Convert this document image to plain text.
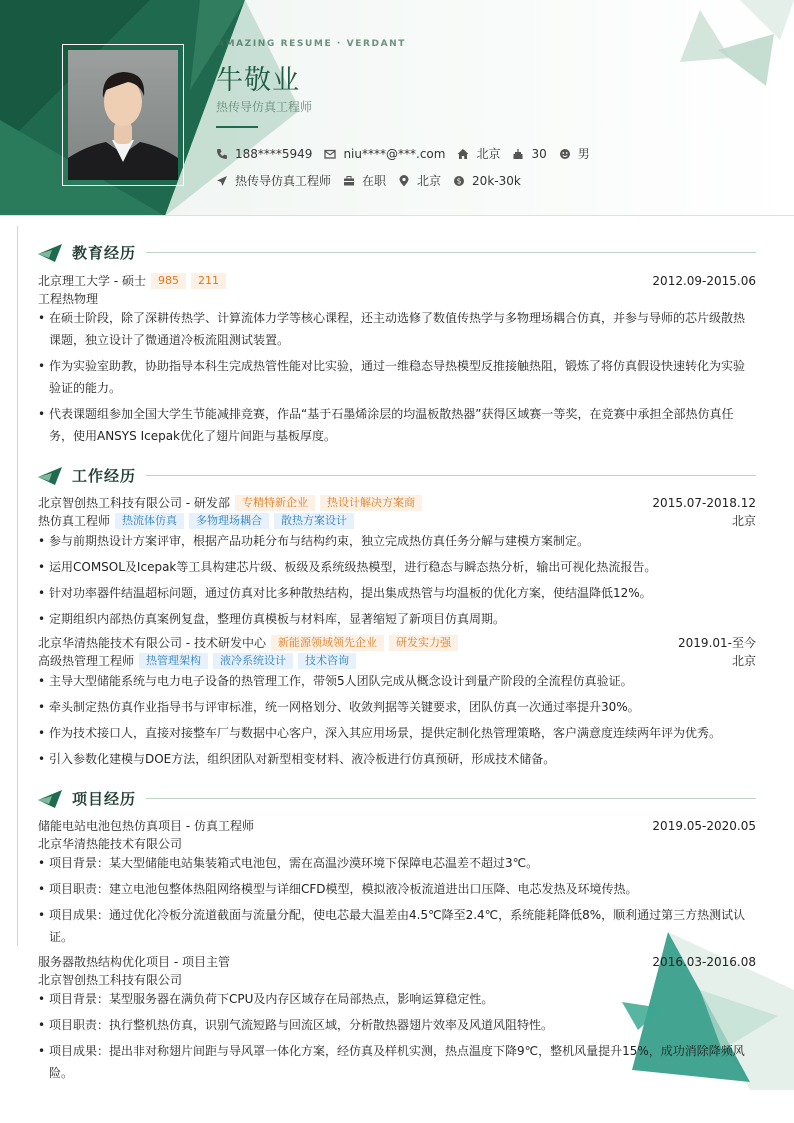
AMAZING RESUME · VERDANT
牛敬业
热传导仿真工程师
188****5949	niu****@***.com	北京	30	男
热传导仿真工程师	在职	北京 $ 20k-30k
教育经历
北京理工大学 - 硕士	985	211	2012.09-2015.06
工程热物理
• 在硕士阶段，除了深耕传热学、计算流体力学等核心课程，还主动选修了数值传热学与多物理场耦合仿真，并参与导师的芯片级散热课题，独立设计了微通道冷板流阻测试装置。
• 作为实验室助教，协助指导本科生完成热管性能对比实验，通过一维稳态导热模型反推接触热阻，锻炼了将仿真假设快速转化为实验验证的能力。
• 代表课题组参加全国大学生节能减排竞赛，作品“基于石墨烯涂层的均温板散热器”获得区域赛一等奖，在竞赛中承担全部热仿真任务，使用ANSYS Icepak优化了翅片间距与基板厚度。
工作经历
北京智创热工科技有限公司 - 研发部	专精特新企业	热设计解决方案商	2015.07-2018.12
热仿真工程师	热流体仿真	多物理场耦合	散热方案设计	北京
• 参与前期热设计方案评审，根据产品功耗分布与结构约束，独立完成热仿真任务分解与建模方案制定。
• 运用COMSOL及Icepak等工具构建芯片级、板级及系统级热模型，进行稳态与瞬态热分析，输出可视化热流报告。
• 针对功率器件结温超标问题，通过仿真对比多种散热结构，提出集成热管与均温板的优化方案，使结温降低12%。
• 定期组织内部热仿真案例复盘，整理仿真模板与材料库，显著缩短了新项目仿真周期。
北京华清热能技术有限公司 - 技术研发中心	新能源领域领先企业	研发实力强	2019.01-至今
高级热管理工程师	热管理架构	液冷系统设计	技术咨询	北京
• 主导大型储能系统与电力电子设备的热管理工作，带领5人团队完成从概念设计到量产阶段的全流程仿真验证。
• 牵头制定热仿真作业指导书与评审标准，统一网格划分、收敛判据等关键要求，团队仿真一次通过率提升30%。
• 作为技术接口人，直接对接整车厂与数据中心客户，深入其应用场景，提供定制化热管理策略，客户满意度连续两年评为优秀。
• 引入参数化建模与DOE方法，组织团队对新型相变材料、液冷板进行仿真预研，形成技术储备。
项目经历
储能电站电池包热仿真项目 - 仿真工程师	2019.05-2020.05
北京华清热能技术有限公司
• 项目背景：某大型储能电站集装箱式电池包，需在高温沙漠环境下保障电芯温差不超过3℃。
• 项目职责：建立电池包整体热阻网络模型与详细CFD模型，模拟液冷板流道进出口压降、电芯发热及环境传热。
• 项目成果：通过优化冷板分流道截面与流量分配，使电芯最大温差由4.5℃降至2.4℃，系统能耗降低8%，顺利通过第三方热测试认证。
服务器散热结构优化项目 - 项目主管	2016.03-2016.08
北京智创热工科技有限公司
• 项目背景：某型服务器在满负荷下CPU及内存区域存在局部热点，影响运算稳定性。
• 项目职责：执行整机热仿真，识别气流短路与回流区域，分析散热器翅片效率及风道风阻特性。
• 项目成果：提出非对称翅片间距与导风罩一体化方案，经仿真及样机实测，热点温度下降9℃，整机风量提升15%，成功消除降频风险。
